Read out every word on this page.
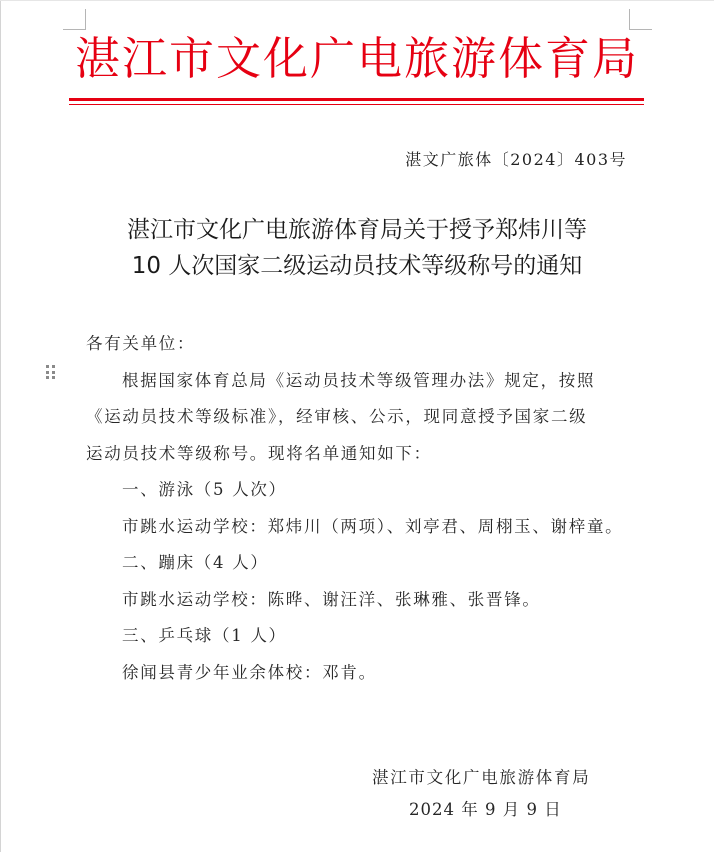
湛江市文化广电旅游体育局
湛文广旅体〔2024〕403号
湛江市文化广电旅游体育局关于授予郑炜川等
10 人次国家二级运动员技术等级称号的通知

各有关单位：

根据国家体育总局《运动员技术等级管理办法》规定，按照

《运动员技术等级标准》，经审核、公示，现同意授予国家二级

运动员技术等级称号。现将名单通知如下：

一、游泳（5 人次）

市跳水运动学校：郑炜川（两项）、刘亭君、周栩玉、谢梓童。

二、蹦床（4 人）

市跳水运动学校：陈晔、谢汪洋、张琳雅、张晋锋。

三、乒乓球（1 人）

徐闻县青少年业余体校：邓肯。

湛江市文化广电旅游体育局
2024 年 9 月 9 日
